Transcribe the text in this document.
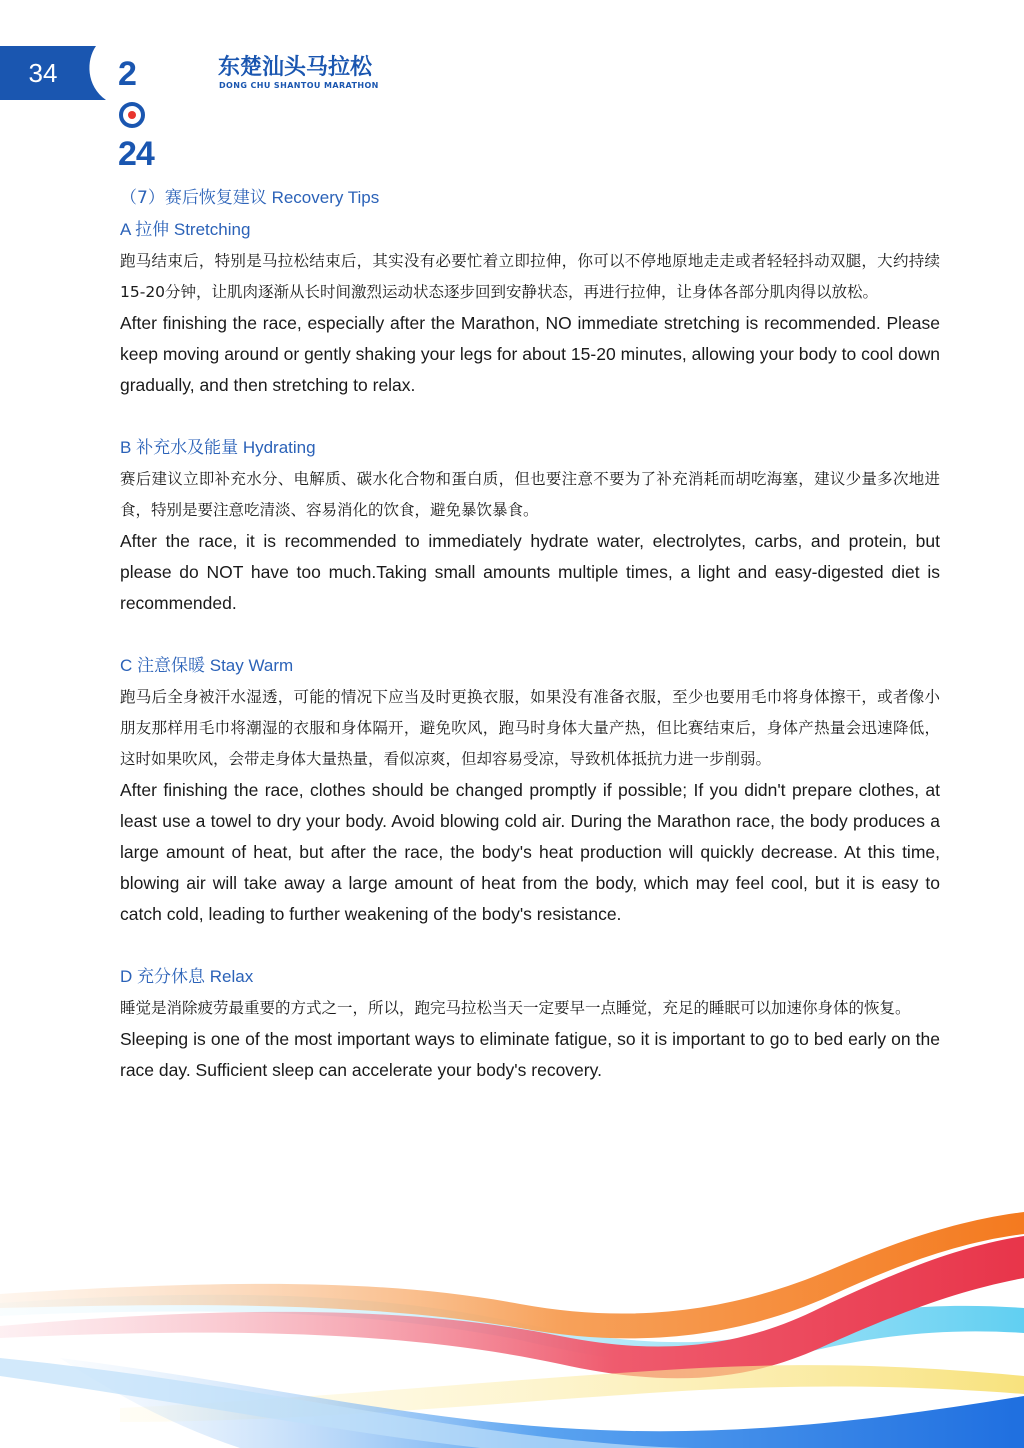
34	224
东楚汕头马拉松
DONG CHU SHANTOU MARATHON

（7）赛后恢复建议 Recovery Tips

A 拉伸 Stretching

跑马结束后，特别是马拉松结束后，其实没有必要忙着立即拉伸，你可以不停地原地走走或者轻轻抖动双腿，大约持续15-20分钟，让肌肉逐渐从长时间激烈运动状态逐步回到安静状态，再进行拉伸，让身体各部分肌肉得以放松。

After finishing the race, especially after the Marathon, NO immediate stretching is recommended. Please keep moving around or gently shaking your legs for about 15-20 minutes, allowing your body to cool down gradually, and then stretching to relax.

B 补充水及能量 Hydrating

赛后建议立即补充水分、电解质、碳水化合物和蛋白质，但也要注意不要为了补充消耗而胡吃海塞，建议少量多次地进食，特别是要注意吃清淡、容易消化的饮食，避免暴饮暴食。

After the race, it is recommended to immediately hydrate water, electrolytes, carbs, and protein, but please do NOT have too much.Taking small amounts multiple times, a light and easy-digested diet is recommended.

C 注意保暖 Stay Warm

跑马后全身被汗水湿透，可能的情况下应当及时更换衣服，如果没有准备衣服，至少也要用毛巾将身体擦干，或者像小朋友那样用毛巾将潮湿的衣服和身体隔开，避免吹风，跑马时身体大量产热，但比赛结束后，身体产热量会迅速降低，这时如果吹风，会带走身体大量热量，看似凉爽，但却容易受凉，导致机体抵抗力进一步削弱。

After finishing the race, clothes should be changed promptly if possible; If you didn't prepare clothes, at least use a towel to dry your body. Avoid blowing cold air. During the Marathon race, the body produces a large amount of heat, but after the race, the body's heat production will quickly decrease. At this time, blowing air will take away a large amount of heat from the body, which may feel cool, but it is easy to catch cold, leading to further weakening of the body's resistance.

D 充分休息 Relax

睡觉是消除疲劳最重要的方式之一，所以，跑完马拉松当天一定要早一点睡觉，充足的睡眠可以加速你身体的恢复。

Sleeping is one of the most important ways to eliminate fatigue, so it is important to go to bed early on the race day. Sufficient sleep can accelerate your body's recovery.
